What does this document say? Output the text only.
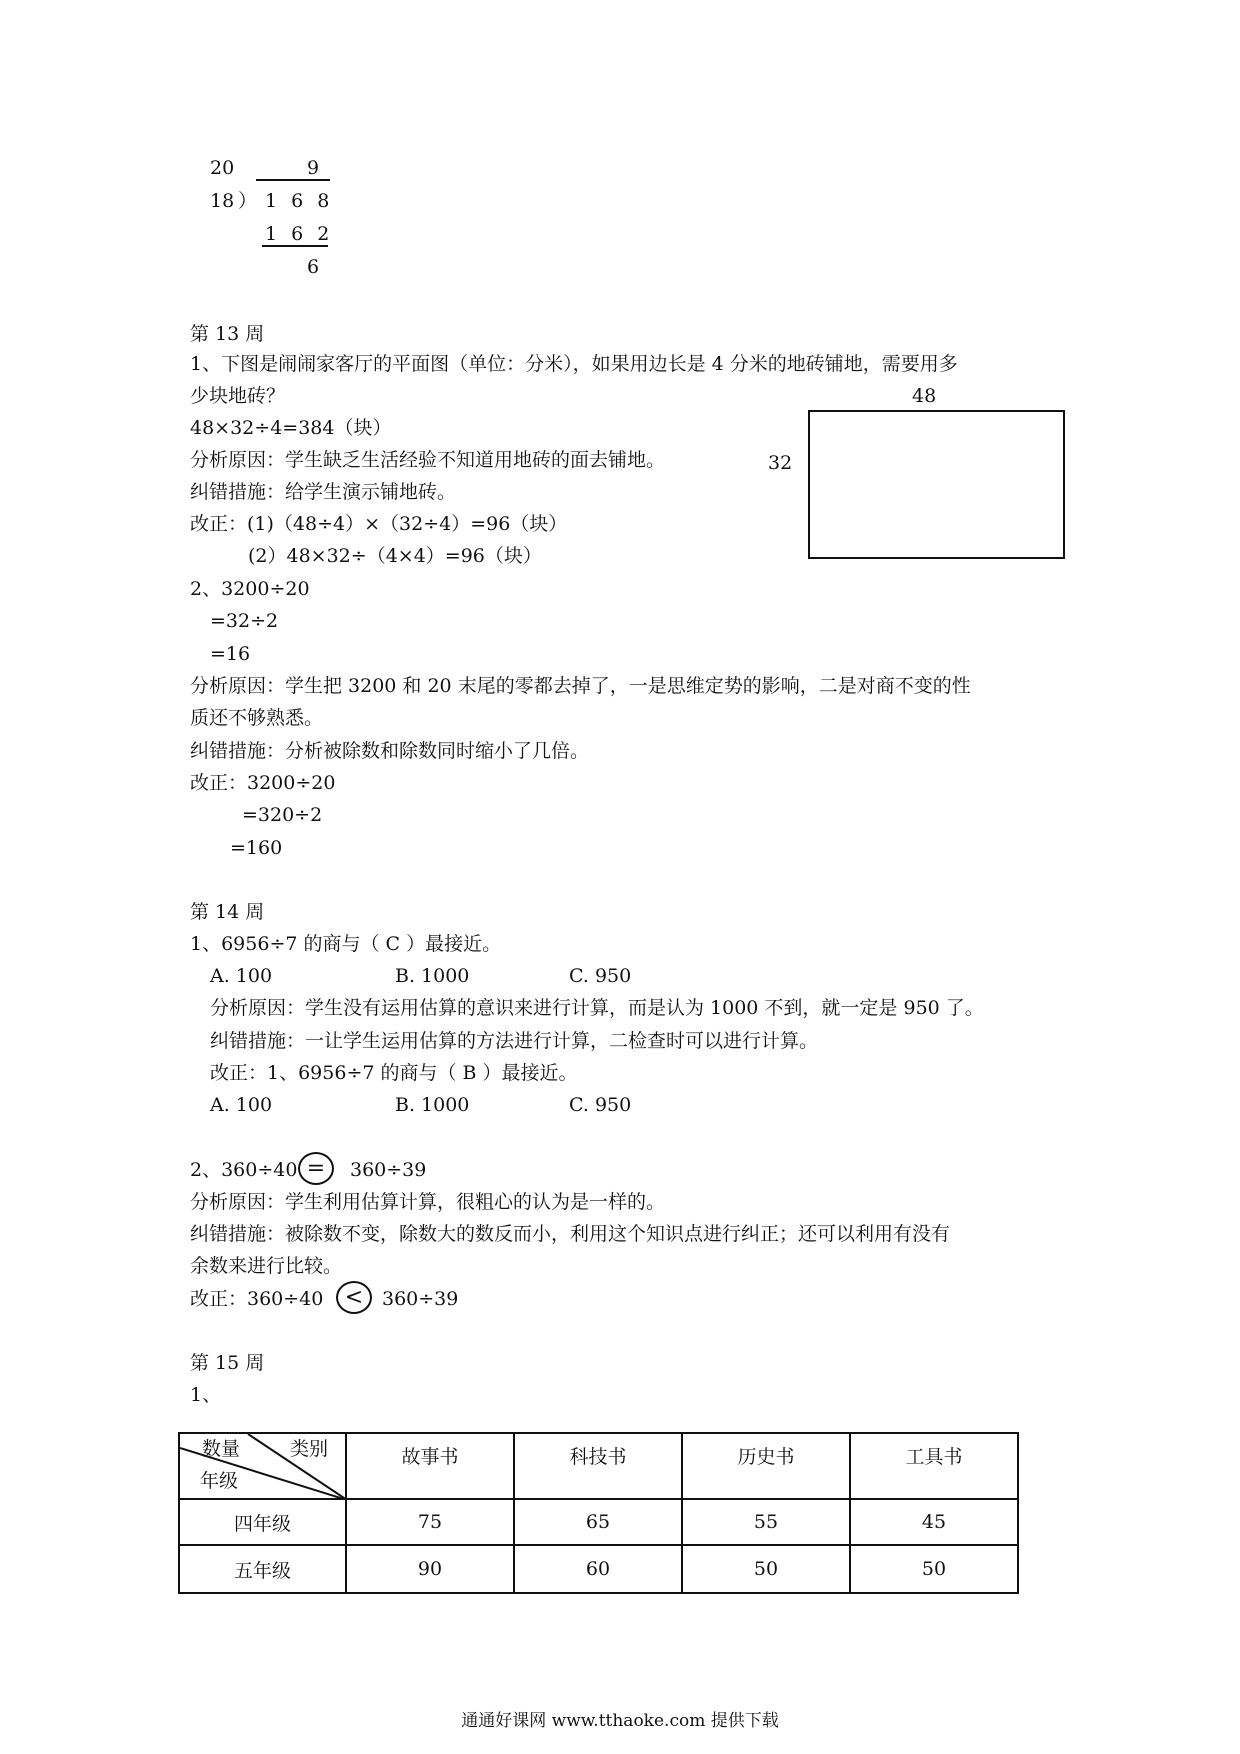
20	9
18 ） 1 6 8
1 6 2
6
第 13 周
1、下图是闹闹家客厅的平面图（单位：分米），如果用边长是 4 分米的地砖铺地，需要用多
少块地砖？	48
32
48×32÷4=384（块）
分析原因：学生缺乏生活经验不知道用地砖的面去铺地。
纠错措施：给学生演示铺地砖。
改正：(1)（48÷4）×（32÷4）=96（块）
(2）48×32÷（4×4）=96（块）
2、3200÷20
=32÷2
=16
分析原因：学生把 3200 和 20 末尾的零都去掉了，一是思维定势的影响，二是对商不变的性
质还不够熟悉。
纠错措施：分析被除数和除数同时缩小了几倍。
改正：3200÷20
=320÷2
=160
第 14 周
1、6956÷7 的商与（ C ）最接近。
A. 100	B. 1000	C. 950
分析原因：学生没有运用估算的意识来进行计算，而是认为 1000 不到，就一定是 950 了。
纠错措施：一让学生运用估算的方法进行计算，二检查时可以进行计算。
改正：1、6956÷7 的商与（ B ）最接近。
A. 100	B. 1000	C. 950
2、360÷40 =	360÷39
分析原因：学生利用估算计算，很粗心的认为是一样的。
纠错措施：被除数不变，除数大的数反而小，利用这个知识点进行纠正；还可以利用有没有
余数来进行比较。
改正：360÷40 < 360÷39
第 15 周
1、
数量 类别
年级	故事书	科技书	历史书	工具书
四年级	75	65	55	45
五年级	90	60	50	50
通通好课网 www.tthaoke.com 提供下载
